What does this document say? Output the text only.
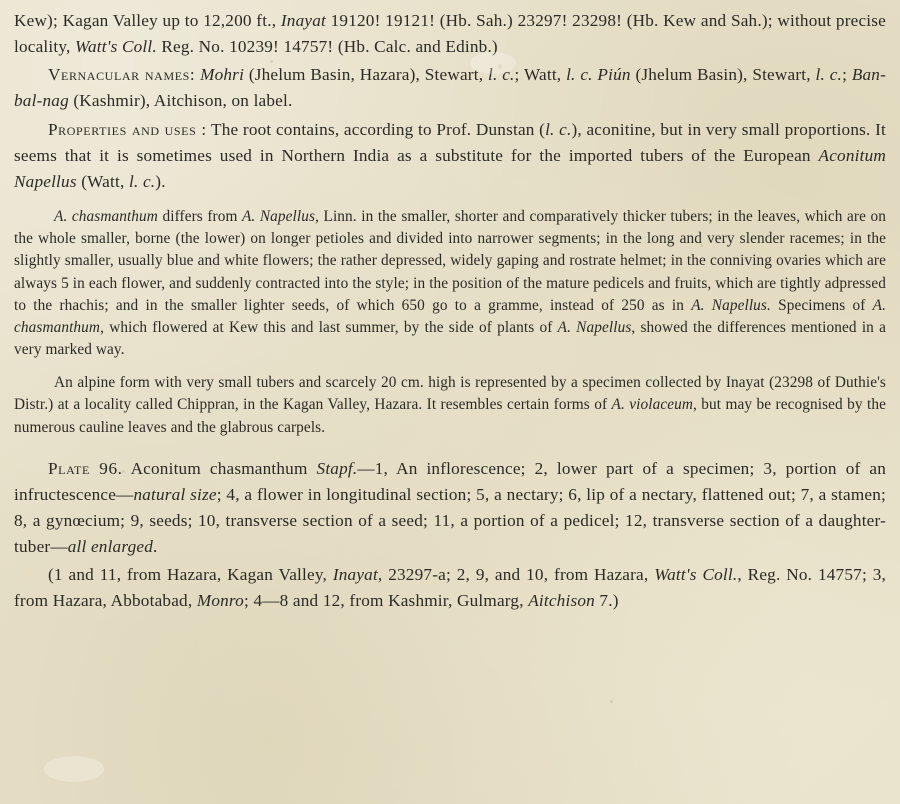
Kew); Kagan Valley up to 12,200 ft., Inayat 19120! 19121! (Hb. Sah.) 23297! 23298! (Hb. Kew and Sah.); without precise locality, Watt's Coll. Reg. No. 10239! 14757! (Hb. Calc. and Edinb.)

Vernacular names: Mohri (Jhelum Basin, Hazara), Stewart, l. c.; Watt, l. c. Piún (Jhelum Basin), Stewart, l. c.; Ban-bal-nag (Kashmir), Aitchison, on label.

Properties and uses : The root contains, according to Prof. Dunstan (l. c.), aconitine, but in very small proportions. It seems that it is sometimes used in Northern India as a substitute for the imported tubers of the European Aconitum Napellus (Watt, l. c.).

A. chasmanthum differs from A. Napellus, Linn. in the smaller, shorter and comparatively thicker tubers; in the leaves, which are on the whole smaller, borne (the lower) on longer petioles and divided into narrower segments; in the long and very slender racemes; in the slightly smaller, usually blue and white flowers; the rather depressed, widely gaping and rostrate helmet; in the conniving ovaries which are always 5 in each flower, and suddenly contracted into the style; in the position of the mature pedicels and fruits, which are tightly adpressed to the rhachis; and in the smaller lighter seeds, of which 650 go to a gramme, instead of 250 as in A. Napellus. Specimens of A. chasmanthum, which flowered at Kew this and last summer, by the side of plants of A. Napellus, showed the differences mentioned in a very marked way.

An alpine form with very small tubers and scarcely 20 cm. high is represented by a specimen collected by Inayat (23298 of Duthie's Distr.) at a locality called Chippran, in the Kagan Valley, Hazara. It resembles certain forms of A. violaceum, but may be recognised by the numerous cauline leaves and the glabrous carpels.

Plate 96. Aconitum chasmanthum Stapf.—1, An inflorescence; 2, lower part of a specimen; 3, portion of an infructescence—natural size; 4, a flower in longitudinal section; 5, a nectary; 6, lip of a nectary, flattened out; 7, a stamen; 8, a gynœcium; 9, seeds; 10, transverse section of a seed; 11, a portion of a pedicel; 12, transverse section of a daughter-tuber—all enlarged.

(1 and 11, from Hazara, Kagan Valley, Inayat, 23297-a; 2, 9, and 10, from Hazara, Watt's Coll., Reg. No. 14757; 3, from Hazara, Abbotabad, Monro; 4—8 and 12, from Kashmir, Gulmarg, Aitchison 7.)
